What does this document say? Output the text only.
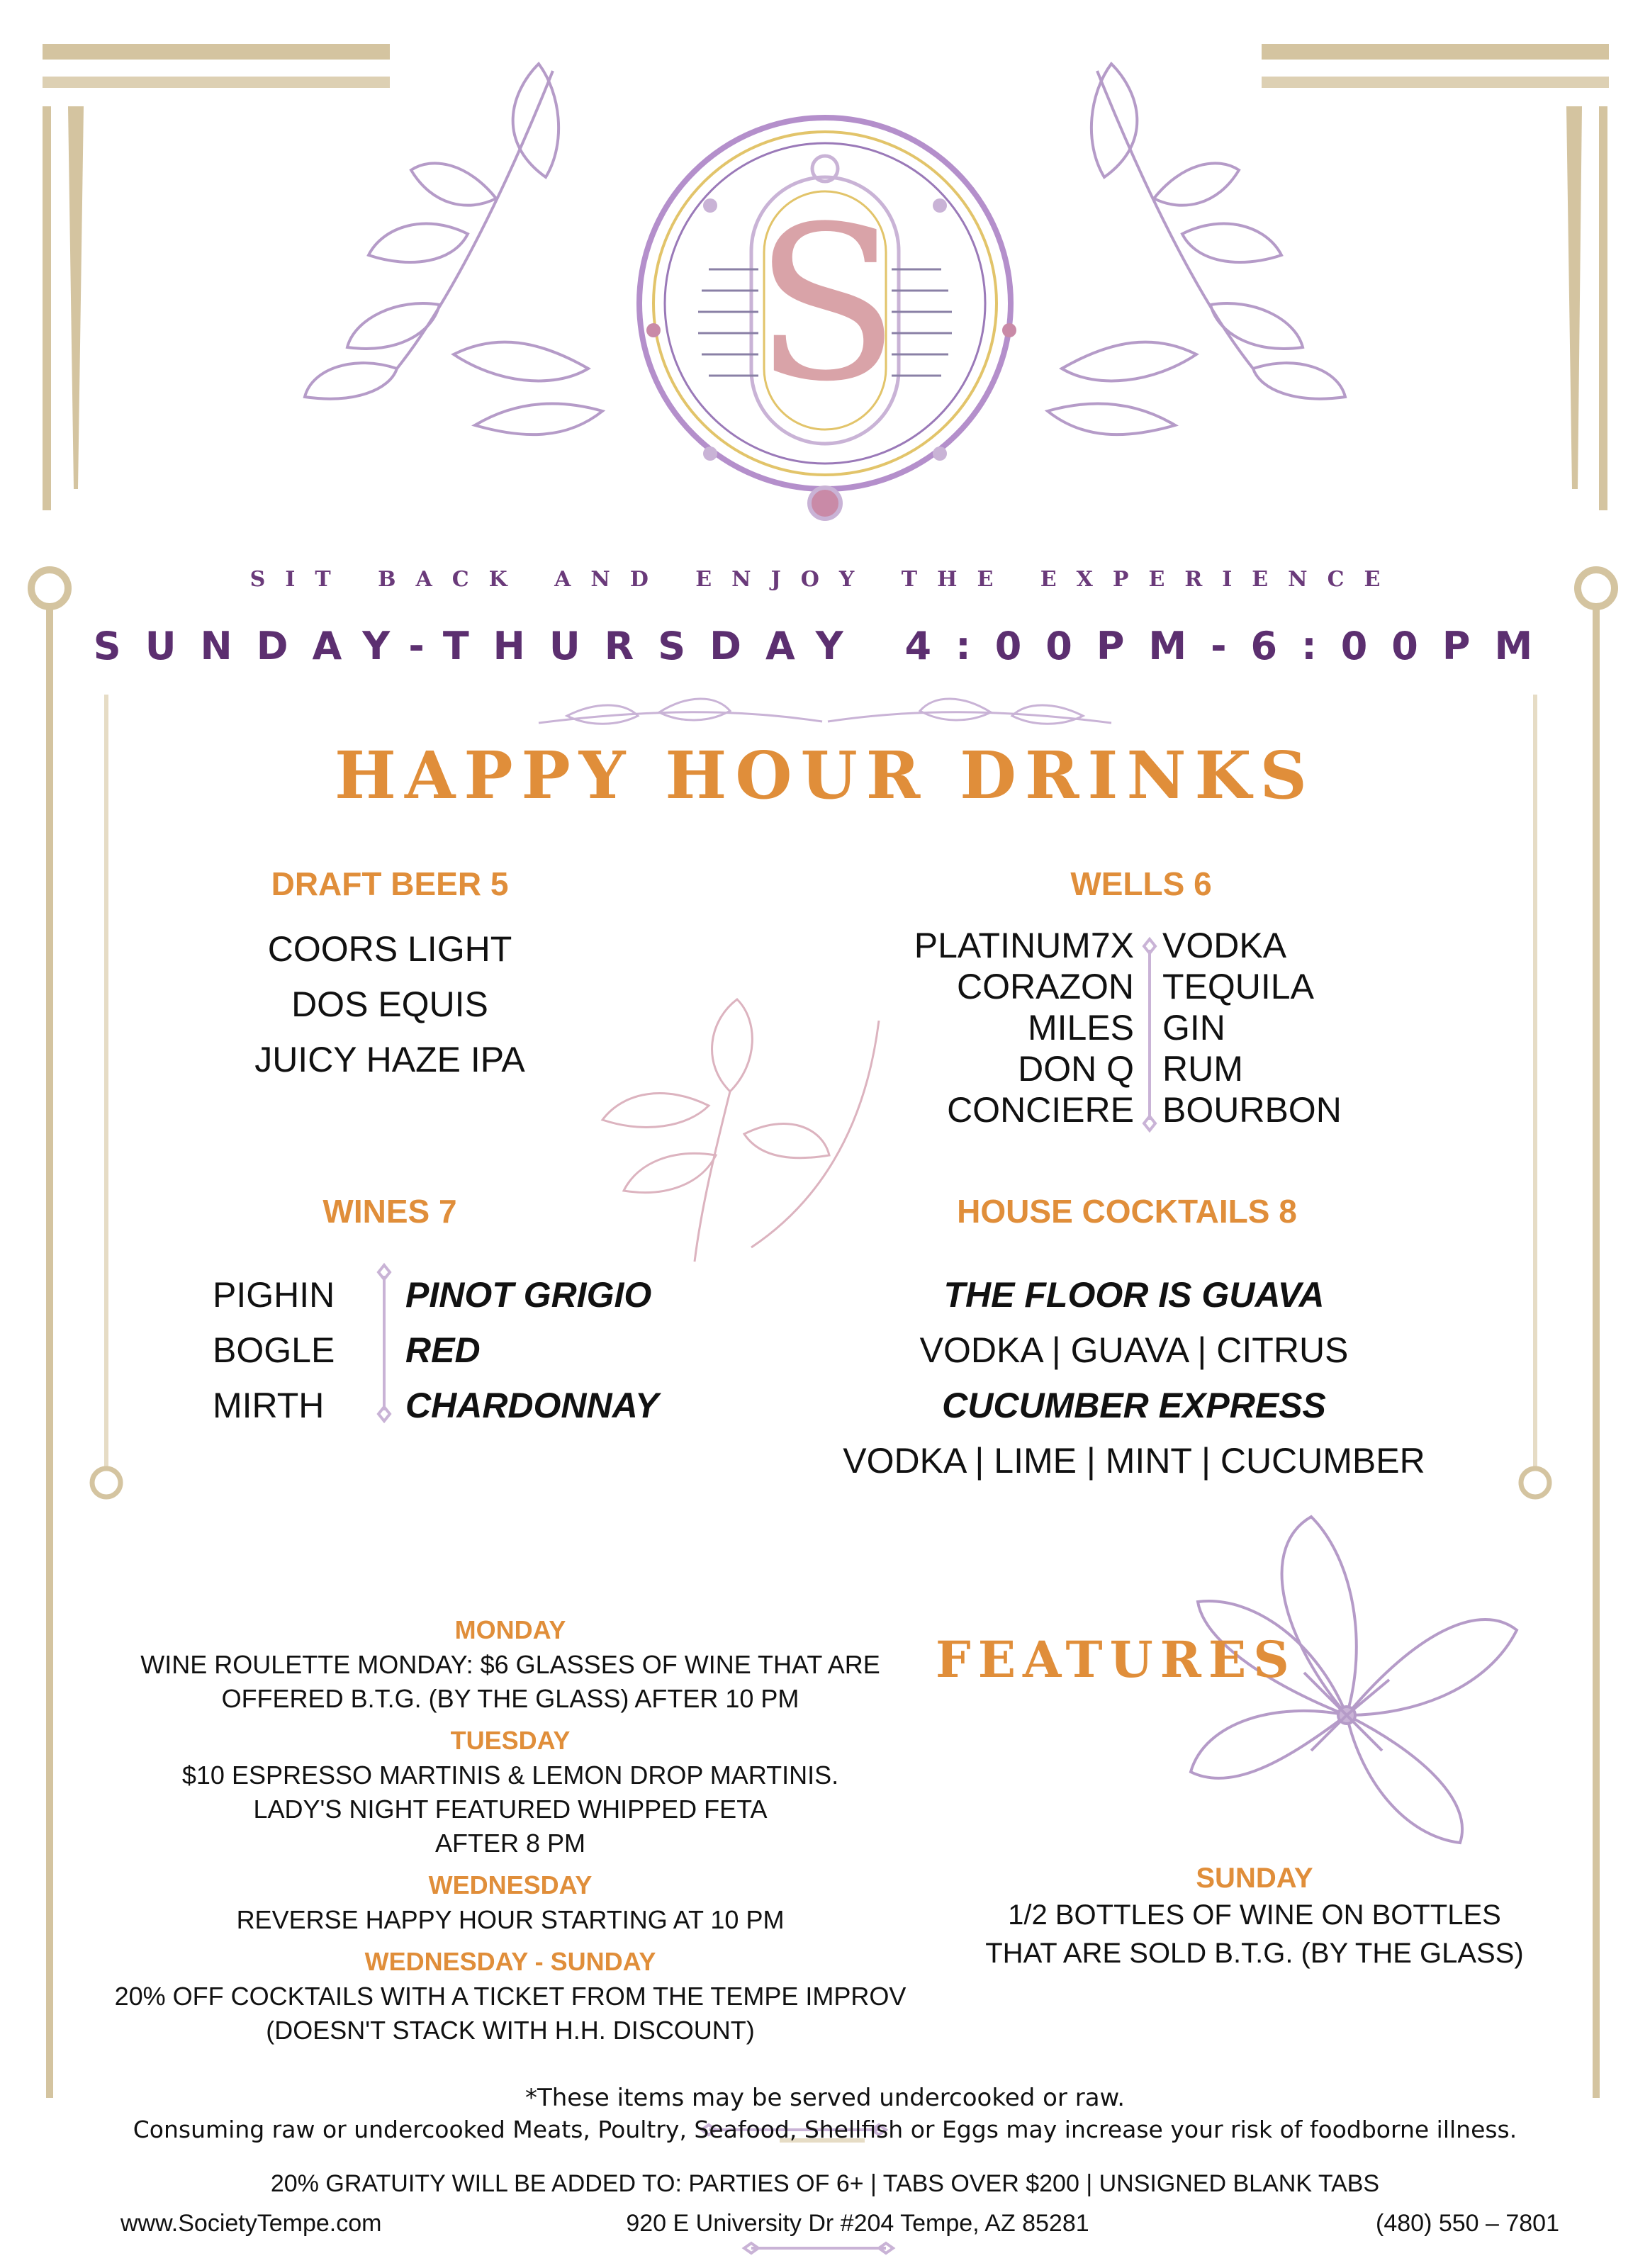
S
SIT BACK AND ENJOY THE EXPERIENCE
SUNDAY-THURSDAY 4:00PM-6:00PM
HAPPY HOUR DRINKS
DRAFT BEER 5
COORS LIGHT
DOS EQUIS
JUICY HAZE IPA
WELLS 6
PLATINUM7X
CORAZON
MILES
DON Q
CONCIERE
VODKA
TEQUILA
GIN
RUM
BOURBON
WINES 7
PIGHIN
BOGLE
MIRTH
PINOT GRIGIO
RED
CHARDONNAY
HOUSE COCKTAILS 8
THE FLOOR IS GUAVA
VODKA | GUAVA | CITRUS
CUCUMBER EXPRESS
VODKA | LIME | MINT | CUCUMBER
FEATURES
MONDAY
WINE ROULETTE MONDAY: $6 GLASSES OF WINE THAT ARE
OFFERED B.T.G. (BY THE GLASS) AFTER 10 PM
TUESDAY
$10 ESPRESSO MARTINIS & LEMON DROP MARTINIS.
LADY'S NIGHT FEATURED WHIPPED FETA
AFTER 8 PM
WEDNESDAY
REVERSE HAPPY HOUR STARTING AT 10 PM
WEDNESDAY - SUNDAY
20% OFF COCKTAILS WITH A TICKET FROM THE TEMPE IMPROV
(DOESN'T STACK WITH H.H. DISCOUNT)
SUNDAY
1/2 BOTTLES OF WINE ON BOTTLES
THAT ARE SOLD B.T.G. (BY THE GLASS)
*These items may be served undercooked or raw.
Consuming raw or undercooked Meats, Poultry, Seafood, Shellfish or Eggs may increase your risk of foodborne illness.
20% GRATUITY WILL BE ADDED TO: PARTIES OF 6+ | TABS OVER $200 | UNSIGNED BLANK TABS
www.SocietyTempe.com	920 E University Dr #204 Tempe, AZ 85281	(480) 550 – 7801
